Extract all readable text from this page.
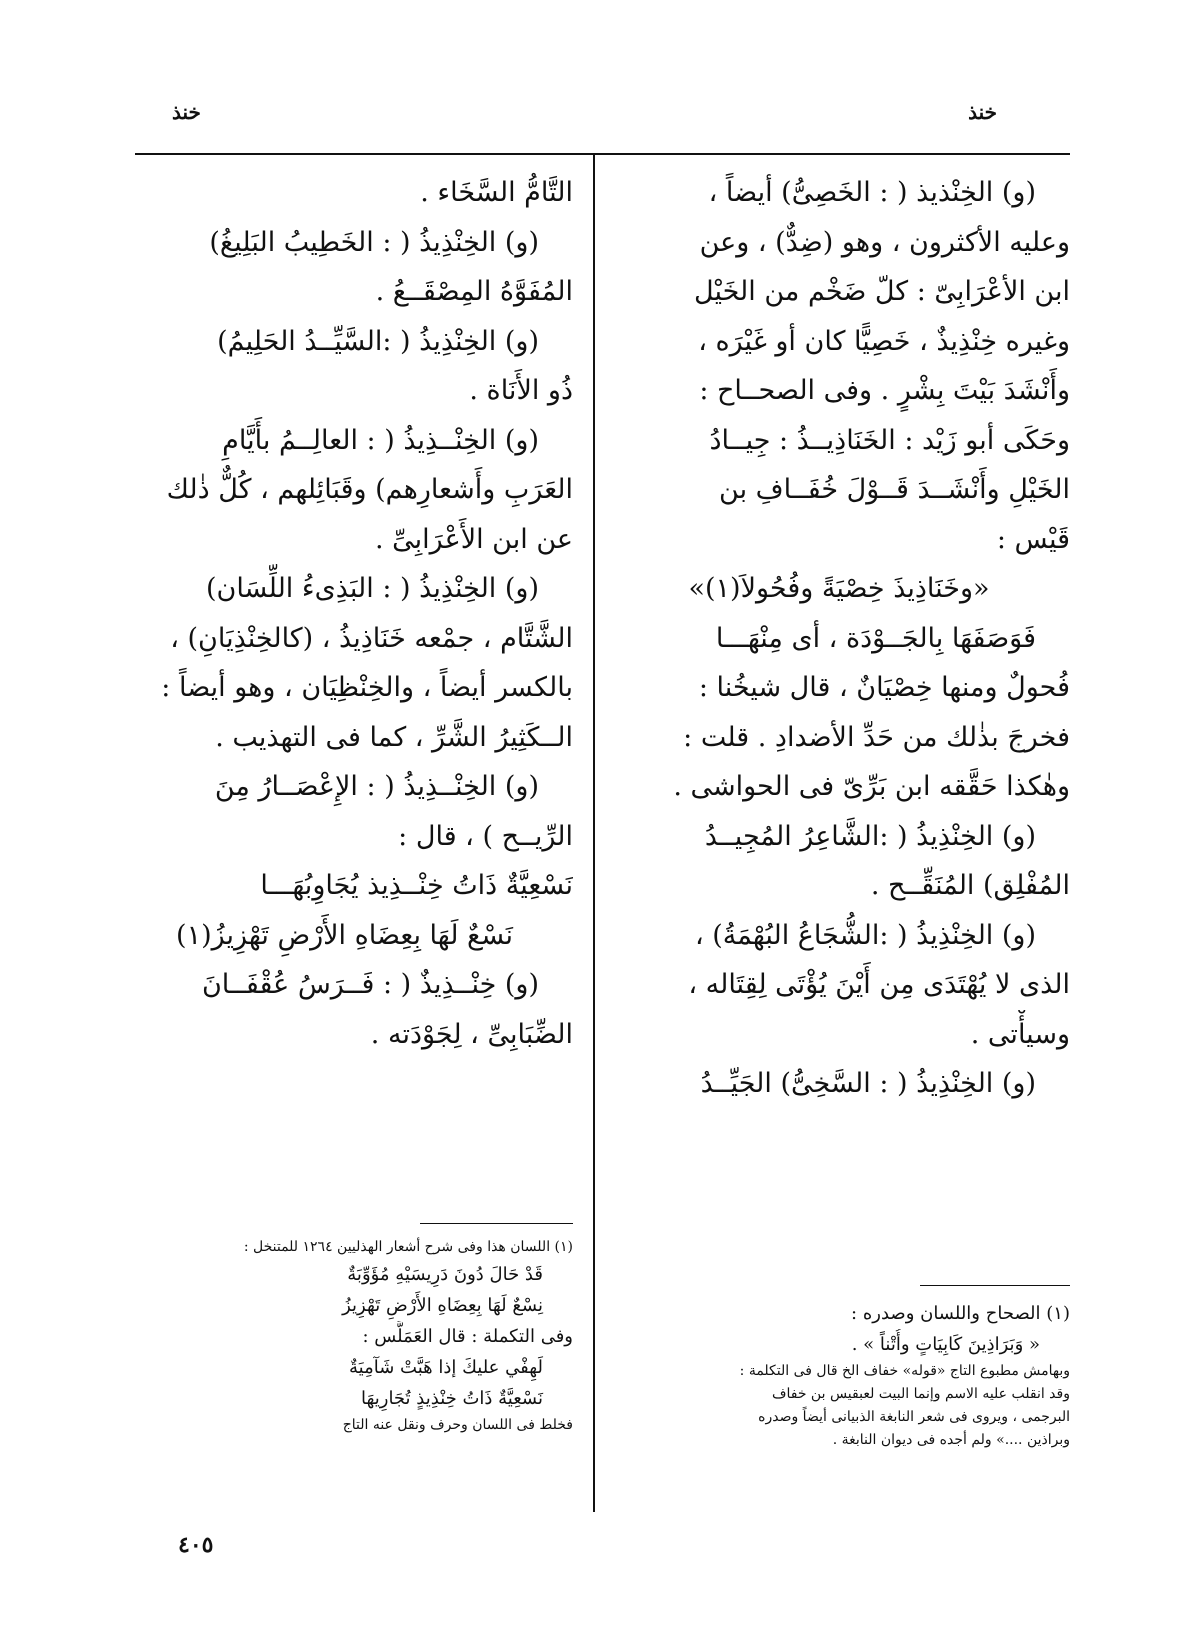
خنذ
خنذ
(و) الخِنْذيذ ( : الخَصِىُّ) أيضاً ،
وعليه الأكثرون ، وهو (ضِدٌّ) ، وعن
ابن الأعْرَابِىّ : كلّ ضَخْم من الخَيْل
وغيره خِنْذِيذٌ ، خَصِيًّا كان أو غَيْرَه ،
وأَنْشَدَ بَيْتَ بِشْرٍ . وفى الصحــاح :
وحَكَى أبو زَيْد : الخَنَاذِيــذُ : جِيــادُ
الخَيْلِ وأَنْشَــدَ قَــوْلَ خُفَــافِ بن
قَيْس :
«وخَنَاذِيذَ خِصْيَةً وفُحُولاَ(١)»
فَوَصَفَهَا بِالجَــوْدَة ، أى مِنْهَـــا
فُحولٌ ومنها خِصْيَانٌ ، قال شيخُنا :
فخرجَ بذٰلك من حَدِّ الأضدادِ . قلت :
وهٰكذا حَقَّقه ابن بَرِّىّ فى الحواشى .
(و) الخِنْذِيذُ ( :الشَّاعِرُ المُجِيــدُ
المُفْلِق) المُنَقِّــح .
(و) الخِنْذِيذُ ( :الشُّجَاعُ البُهْمَةُ) ،
الذى لا يُهْتَدَى مِن أَيْنَ يُؤْتَى لِقِتَاله ،
وسيأْتى .
(و) الخِنْذِيذُ ( : السَّخِىُّ) الجَيِّــدُ
التَّامُّ السَّخَاء .
(و) الخِنْذِيذُ ( : الخَطِيبُ البَلِيغُ)
المُفَوَّهُ المِصْقَــعُ .
(و) الخِنْذِيذُ ( :السَّيِّــدُ الحَلِيمُ)
ذُو الأَنَاة .
(و) الخِنْــذِيذُ ( : العالِــمُ بأَيَّامِ
العَرَبِ وأَشعارِهم) وقَبَائِلهم ، كُلٌّ ذٰلك
عن ابن الأَعْرَابِىِّ .
(و) الخِنْذِيذُ ( : البَذِىءُ اللِّسَان)
الشَّتَّام ، جمْعه خَنَاذِيذُ ، (كالخِنْذِيَانِ) ،
بالكسر أيضاً ، والخِنْظِيَان ، وهو أيضاً :
الــكَثِيرُ الشَّرِّ ، كما فى التهذيب .
(و) الخِنْــذِيذُ ( : الإِعْصَــارُ مِنَ
الرِّيــح ) ، قال :
نَسْعِيَّةٌ ذَاتُ خِنْــذِيذ يُجَاوِبُهَـــا
نَسْعٌ لَهَا بِعِضَاهِ الأَرْضِ تَهْزِيزُ(١)
(و) خِنْــذِيذٌ ( : فَــرَسُ عُقْفَــانَ
الضِّبَابِىِّ ، لِجَوْدَته .
(١) الصحاح واللسان وصدره :
« وَبَرَاذِينَ كَابِيَاتٍ وأُتْناً » .
وبهامش مطبوع التاج «قوله» خفاف الخ قال فى التكلمة :
وقد انقلب عليه الاسم وإنما البيت لعبقيس بن خفاف
البرجمى ، ويروى فى شعر النابغة الذبيانى أيضاً وصدره
وبراذين ....» ولم أجده فى ديوان النابغة .
(١) اللسان هذا وفى شرح أشعار الهذليين ١٢٦٤ للمتنخل :
قَدْ حَالَ دُونَ دَرِيسَيْهِ مُؤَوِّبَةٌ
نِسْعٌ لَهَا بِعِضَاهِ الأَرْضِ تَهْزِيزُ
وفى التكملة : قال العَمَلَّس :
لَهِفْي عليكَ إذا هَبَّتْ شَآمِيَةٌ
نَسْعِيَّةٌ ذَاتُ خِنْذِيذٍ تُجَارِيهَا
فخلط فى اللسان وحرف ونقل عنه التاج
٤٠٥
